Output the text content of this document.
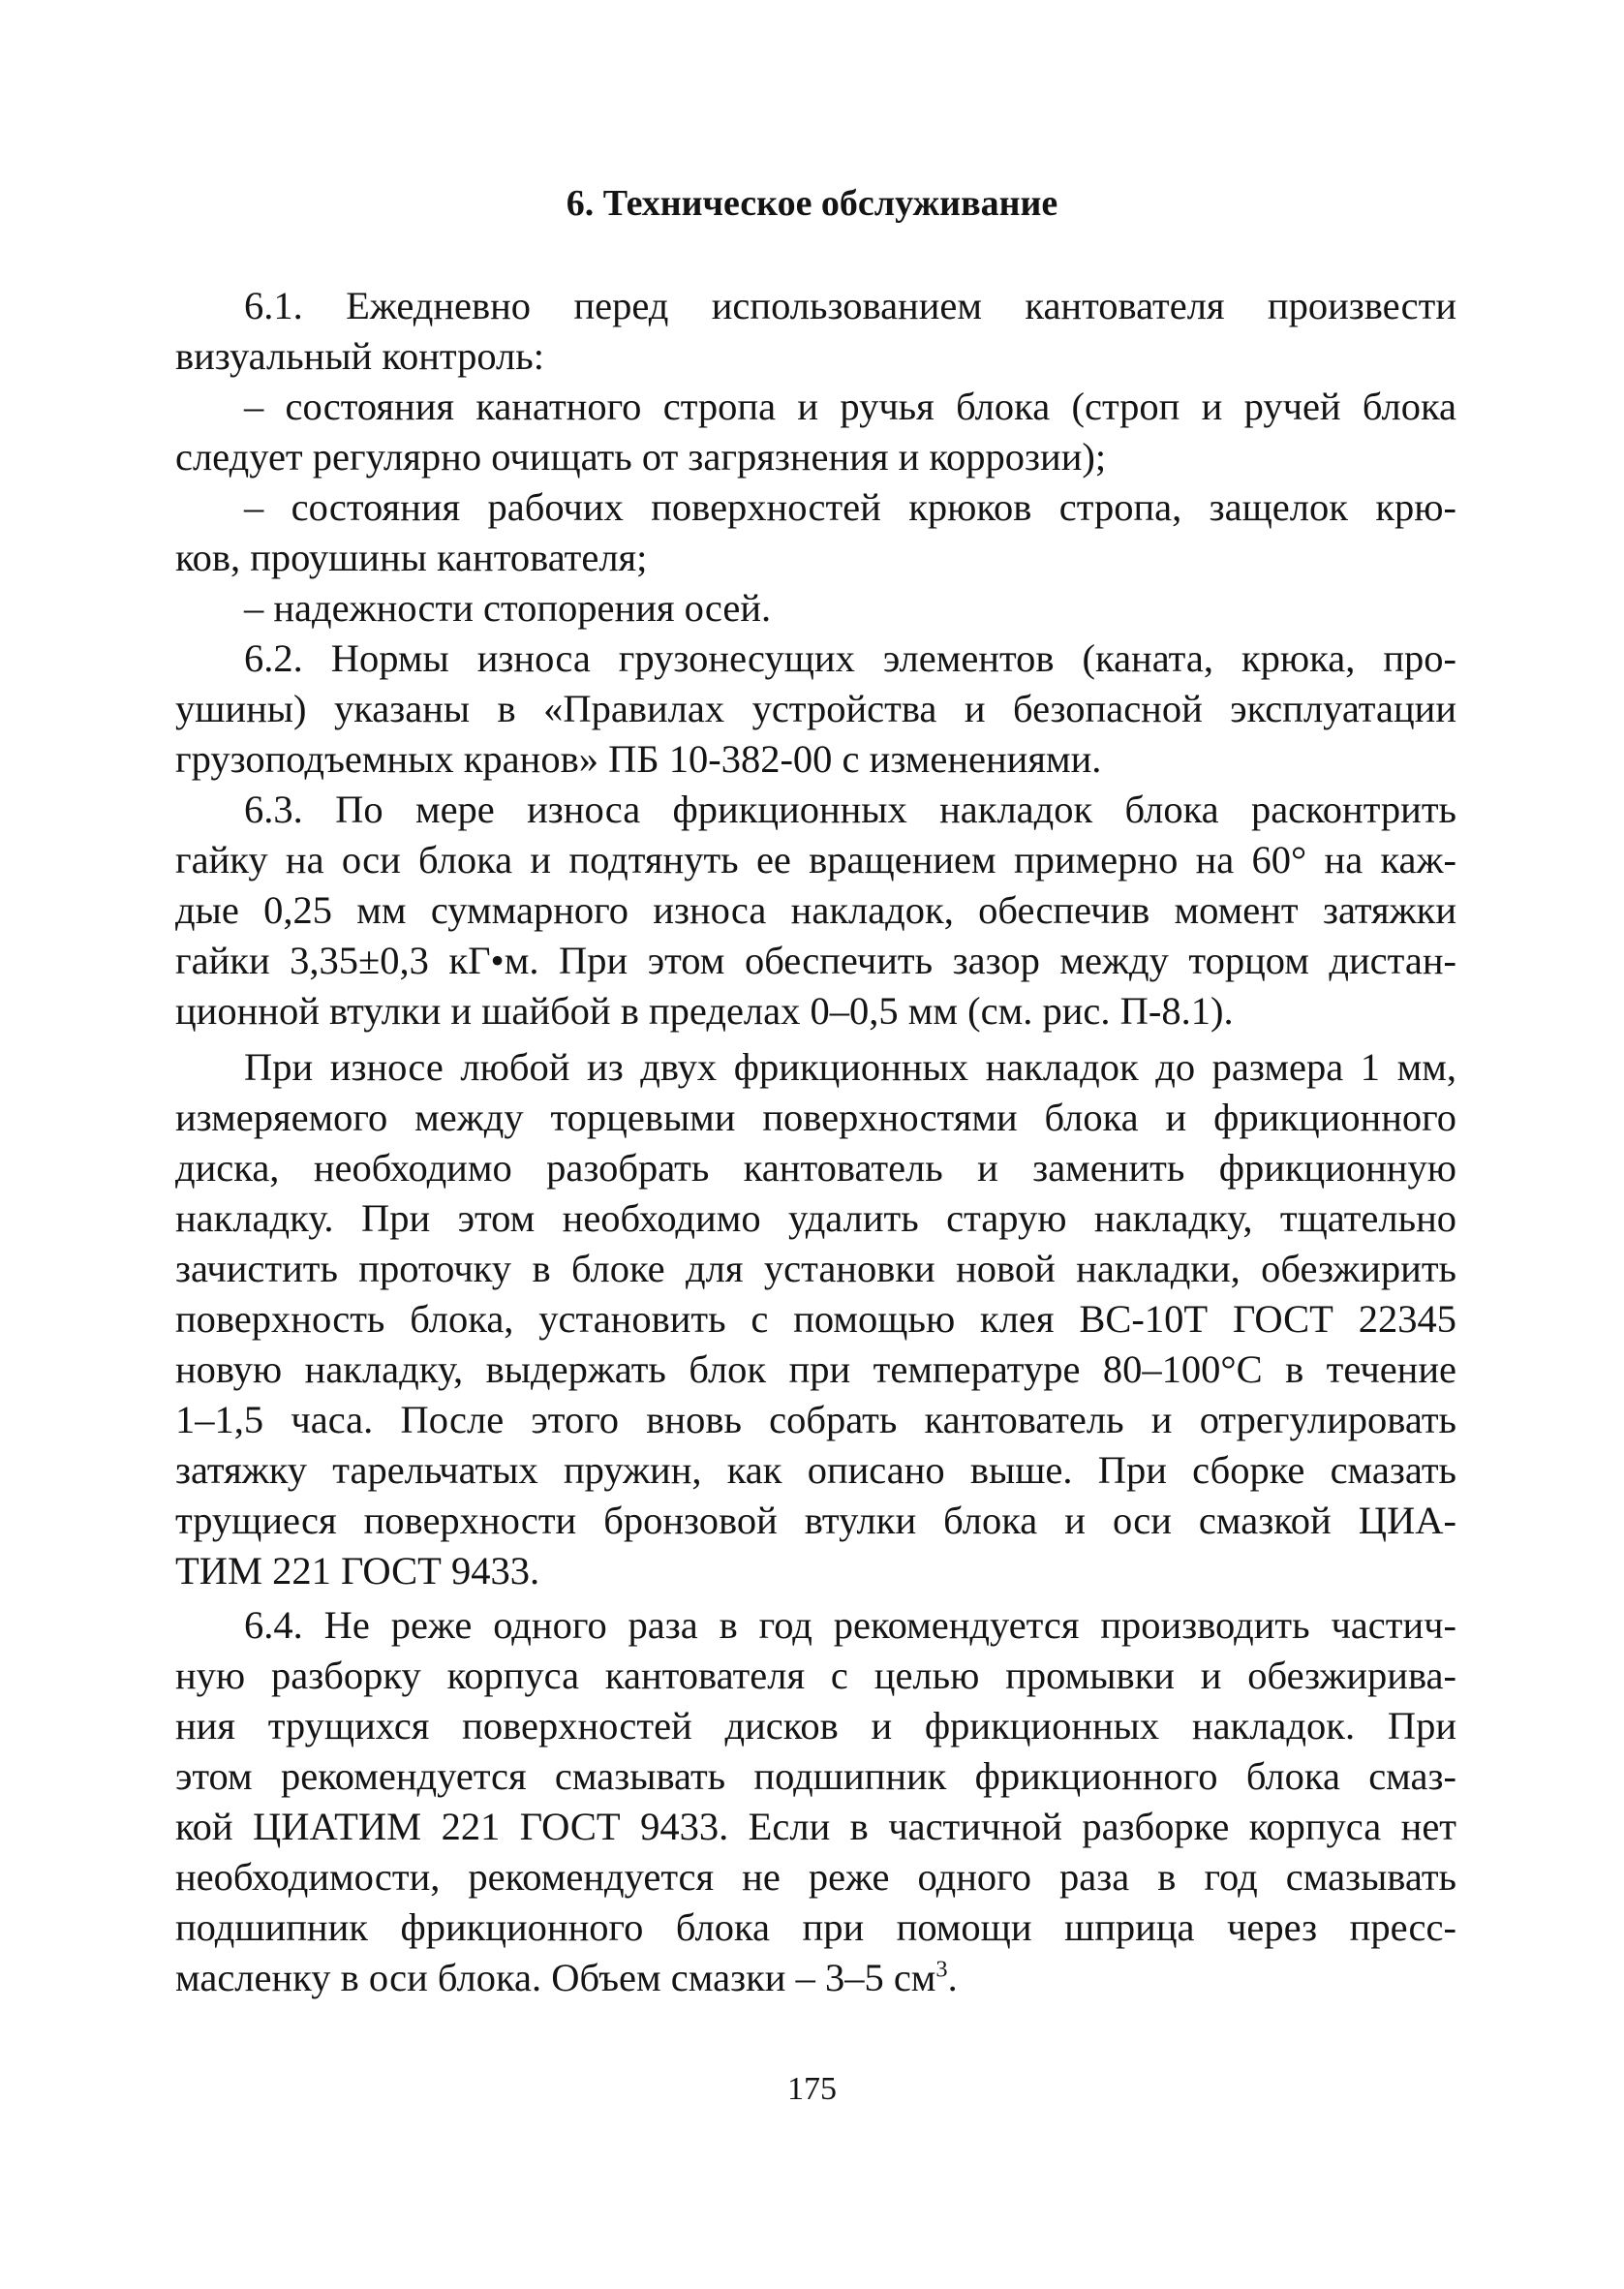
6. Техническое обслуживание
6.1. Ежедневно перед использованием кантователя произвести
визуальный контроль:
– состояния канатного стропа и ручья блока (строп и ручей блока
следует регулярно очищать от загрязнения и коррозии);
– состояния рабочих поверхностей крюков стропа, защелок крю-
ков, проушины кантователя;
– надежности стопорения осей.
6.2. Нормы износа грузонесущих элементов (каната, крюка, про-
ушины) указаны в «Правилах устройства и безопасной эксплуатации
грузоподъемных кранов» ПБ 10-382-00 с изменениями.
6.3. По мере износа фрикционных накладок блока расконтрить
гайку на оси блока и подтянуть ее вращением примерно на 60° на каж-
дые 0,25 мм суммарного износа накладок, обеспечив момент затяжки
гайки 3,35±0,3 кГ•м. При этом обеспечить зазор между торцом дистан-
ционной втулки и шайбой в пределах 0–0,5 мм (см. рис. П-8.1).
При износе любой из двух фрикционных накладок до размера 1 мм,
измеряемого между торцевыми поверхностями блока и фрикционного
диска, необходимо разобрать кантователь и заменить фрикционную
накладку. При этом необходимо удалить старую накладку, тщательно
зачистить проточку в блоке для установки новой накладки, обезжирить
поверхность блока, установить с помощью клея ВС-10Т ГОСТ 22345
новую накладку, выдержать блок при температуре 80–100°С в течение
1–1,5 часа. После этого вновь собрать кантователь и отрегулировать
затяжку тарельчатых пружин, как описано выше. При сборке смазать
трущиеся поверхности бронзовой втулки блока и оси смазкой ЦИА-
ТИМ 221 ГОСТ 9433.
6.4. Не реже одного раза в год рекомендуется производить частич-
ную разборку корпуса кантователя с целью промывки и обезжирива-
ния трущихся поверхностей дисков и фрикционных накладок. При
этом рекомендуется смазывать подшипник фрикционного блока смаз-
кой ЦИАТИМ 221 ГОСТ 9433. Если в частичной разборке корпуса нет
необходимости, рекомендуется не реже одного раза в год смазывать
подшипник фрикционного блока при помощи шприца через пресс-
масленку в оси блока. Объем смазки – 3–5 $см^3$.
175
